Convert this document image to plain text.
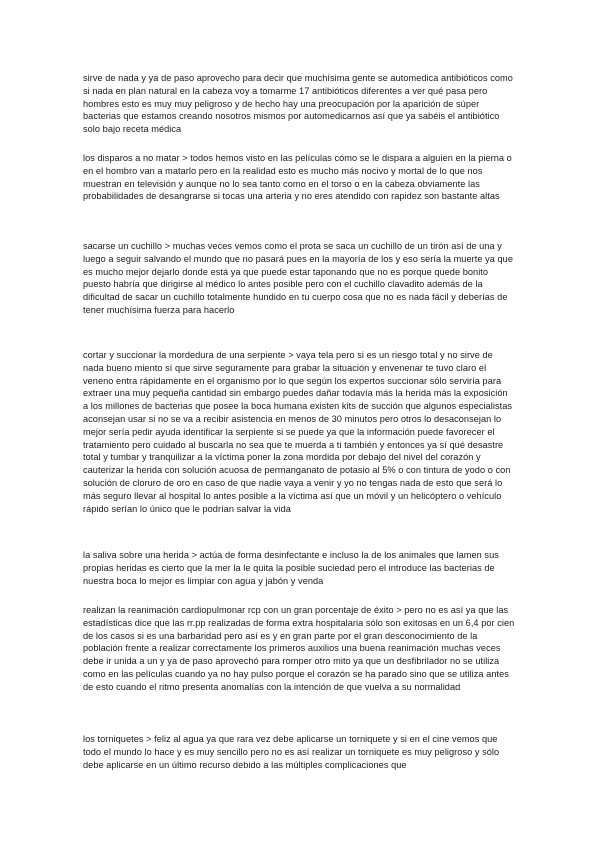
sirve de nada y ya de paso aprovecho para decir que muchísima gente se automedica antibióticos como si nada en plan natural en la cabeza voy a tomarme 17 antibióticos diferentes a ver qué pasa pero hombres esto es muy muy peligroso y de hecho hay una preocupación por la aparición de súper bacterias que estamos creando nosotros mismos por automedicarnos así que ya sabéis el antibiótico solo bajo receta médica

los disparos a no matar > todos hemos visto en las películas cómo se le dispara a alguien en la pierna o en el hombro van a matarlo pero en la realidad esto es mucho más nocivo y mortal de lo que nos muestran en televisión y aunque no lo sea tanto como en el torso o en la cabeza obviamente las probabilidades de desangrarse si tocas una arteria y no eres atendido con rapidez son bastante altas

sacarse un cuchillo > muchas veces vemos como el prota se saca un cuchillo de un tirón así de una y luego a seguir salvando el mundo que no pasará pues en la mayoría de los y eso sería la muerte ya que es mucho mejor dejarlo donde está ya que puede estar taponando que no es porque quede bonito puesto habría que dirigirse al médico lo antes posible pero con el cuchillo clavadito además de la dificultad de sacar un cuchillo totalmente hundido en tu cuerpo cosa que no es nada fácil y deberías de tener muchísima fuerza para hacerlo

cortar y succionar la mordedura de una serpiente > vaya tela pero si es un riesgo total y no sirve de nada bueno miento sí que sirve seguramente para grabar la situación y envenenar te tuvo claro el veneno entra rápidamente en el organismo por lo que según los expertos succionar sólo serviría para extraer una muy pequeña cantidad sin embargo puedes dañar todavía más la herida más la exposición a los millones de bacterias que posee la boca humana existen kits de succión que algunos especialistas aconsejan usar si no se va a recibir asistencia en menos de 30 minutos pero otros lo desaconsejan lo mejor sería pedir ayuda identificar la serpiente si se puede ya que la información puede favorecer el tratamiento pero cuidado al buscarla no sea que te muerda a ti también y entonces ya sí qué desastre total y tumbar y tranquilizar a la víctima poner la zona mordida por debajo del nivel del corazón y cauterizar la herida con solución acuosa de permanganato de potasio al 5% o con tintura de yodo o con solución de cloruro de oro en caso de que nadie vaya a venir y yo no tengas nada de esto que será lo más seguro llevar al hospital lo antes posible a la víctima así que un móvil y un helicóptero o vehículo rápido serían lo único que le podrían salvar la vida

la saliva sobre una herida > actúa de forma desinfectante e incluso la de los animales que lamen sus propias heridas es cierto que la mer la le quita la posible suciedad pero el introduce las bacterias de nuestra boca lo mejor es limpiar con agua y jabón y venda

realizan la reanimación cardiopulmonar rcp con un gran porcentaje de éxito > pero no es así ya que las estadísticas dice que las rr.pp realizadas de forma extra hospitalaria sólo son exitosas en un 6,4 por cien de los casos si es una barbaridad pero así es y en gran parte por el gran desconocimiento de la población frente a realizar correctamente los primeros auxilios una buena reanimación muchas veces debe ir unida a un y ya de paso aprovechó para romper otro mito ya que un desfibrilador no se utiliza como en las películas cuando ya no hay pulso porque el corazón se ha parado sino que se utiliza antes de esto cuando el ritmo presenta anomalías con la intención de que vuelva a su normalidad

los torniquetes > feliz al agua ya que rara vez debe aplicarse un torniquete y si en el cine vemos que todo el mundo lo hace y es muy sencillo pero no es así realizar un torniquete es muy peligroso y sólo debe aplicarse en un último recurso debido a las múltiples complicaciones que
